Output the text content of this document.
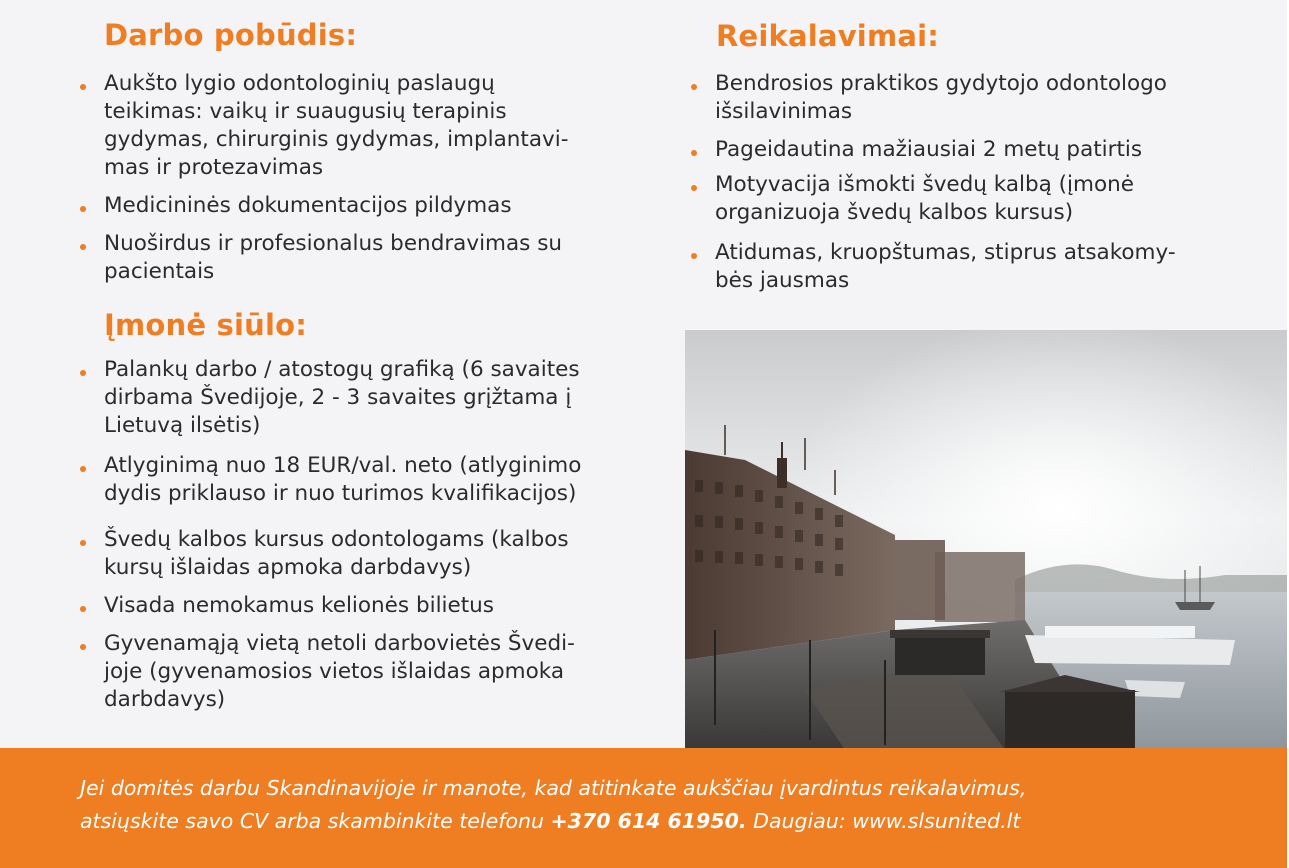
Darbo pobūdis:
Aukšto lygio odontologinių paslaugų
teikimas: vaikų ir suaugusių terapinis
gydymas, chirurginis gydymas, implantavi-
mas ir protezavimas
Medicininės dokumentacijos pildymas
Nuoširdus ir profesionalus bendravimas su
pacientais
Įmonė siūlo:
Palankų darbo / atostogų grafiką (6 savaites
dirbama Švedijoje, 2 - 3 savaites grįžtama į
Lietuvą ilsėtis)
Atlyginimą nuo 18 EUR/val. neto (atlyginimo
dydis priklauso ir nuo turimos kvalifikacijos)
Švedų kalbos kursus odontologams (kalbos
kursų išlaidas apmoka darbdavys)
Visada nemokamus kelionės bilietus
Gyvenamąją vietą netoli darbovietės Švedi-
joje (gyvenamosios vietos išlaidas apmoka
darbdavys)
Reikalavimai:
Bendrosios praktikos gydytojo odontologo
išsilavinimas
Pageidautina mažiausiai 2 metų patirtis
Motyvacija išmokti švedų kalbą (įmonė
organizuoja švedų kalbos kursus)
Atidumas, kruopštumas, stiprus atsakomy-
bės jausmas

Jei domitės darbu Skandinavijoje ir manote, kad atitinkate aukščiau įvardintus reikalavimus,

atsiųskite savo CV arba skambinkite telefonu +370 614 61950. Daugiau: www.slsunited.lt
